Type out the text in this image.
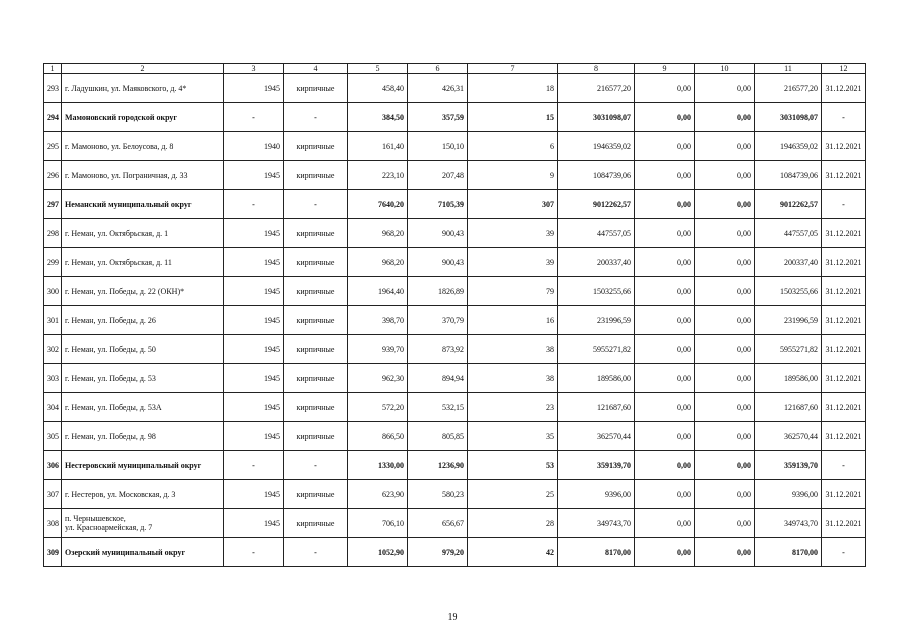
1	2	3	4	5	6	7	8	9	10	11	12
293	г. Ладушкин, ул. Маяковского, д. 4*	1945	кирпичные	458,40	426,31	18	216577,20	0,00	0,00	216577,20	31.12.2021
294	Мамоновский городской округ	-	-	384,50	357,59	15	3031098,07	0,00	0,00	3031098,07	-
295	г. Мамоново, ул. Белоусова, д. 8	1940	кирпичные	161,40	150,10	6	1946359,02	0,00	0,00	1946359,02	31.12.2021
296	г. Мамоново, ул. Пограничная, д. 33	1945	кирпичные	223,10	207,48	9	1084739,06	0,00	0,00	1084739,06	31.12.2021
297	Неманский муниципальный округ	-	-	7640,20	7105,39	307	9012262,57	0,00	0,00	9012262,57	-
298	г. Неман, ул. Октябрьская, д. 1	1945	кирпичные	968,20	900,43	39	447557,05	0,00	0,00	447557,05	31.12.2021
299	г. Неман, ул. Октябрьская, д. 11	1945	кирпичные	968,20	900,43	39	200337,40	0,00	0,00	200337,40	31.12.2021
300	г. Неман, ул. Победы, д. 22 (ОКН)*	1945	кирпичные	1964,40	1826,89	79	1503255,66	0,00	0,00	1503255,66	31.12.2021
301	г. Неман, ул. Победы, д. 26	1945	кирпичные	398,70	370,79	16	231996,59	0,00	0,00	231996,59	31.12.2021
302	г. Неман, ул. Победы, д. 50	1945	кирпичные	939,70	873,92	38	5955271,82	0,00	0,00	5955271,82	31.12.2021
303	г. Неман, ул. Победы, д. 53	1945	кирпичные	962,30	894,94	38	189586,00	0,00	0,00	189586,00	31.12.2021
304	г. Неман, ул. Победы, д. 53А	1945	кирпичные	572,20	532,15	23	121687,60	0,00	0,00	121687,60	31.12.2021
305	г. Неман, ул. Победы, д. 98	1945	кирпичные	866,50	805,85	35	362570,44	0,00	0,00	362570,44	31.12.2021
306	Нестеровский муниципальный округ	-	-	1330,00	1236,90	53	359139,70	0,00	0,00	359139,70	-
307	г. Нестеров, ул. Московская, д. 3	1945	кирпичные	623,90	580,23	25	9396,00	0,00	0,00	9396,00	31.12.2021
308	п. Чернышевское,
ул. Красноармейская, д. 7	1945	кирпичные	706,10	656,67	28	349743,70	0,00	0,00	349743,70	31.12.2021
309	Озерский муниципальный округ	-	-	1052,90	979,20	42	8170,00	0,00	0,00	8170,00	-
19
